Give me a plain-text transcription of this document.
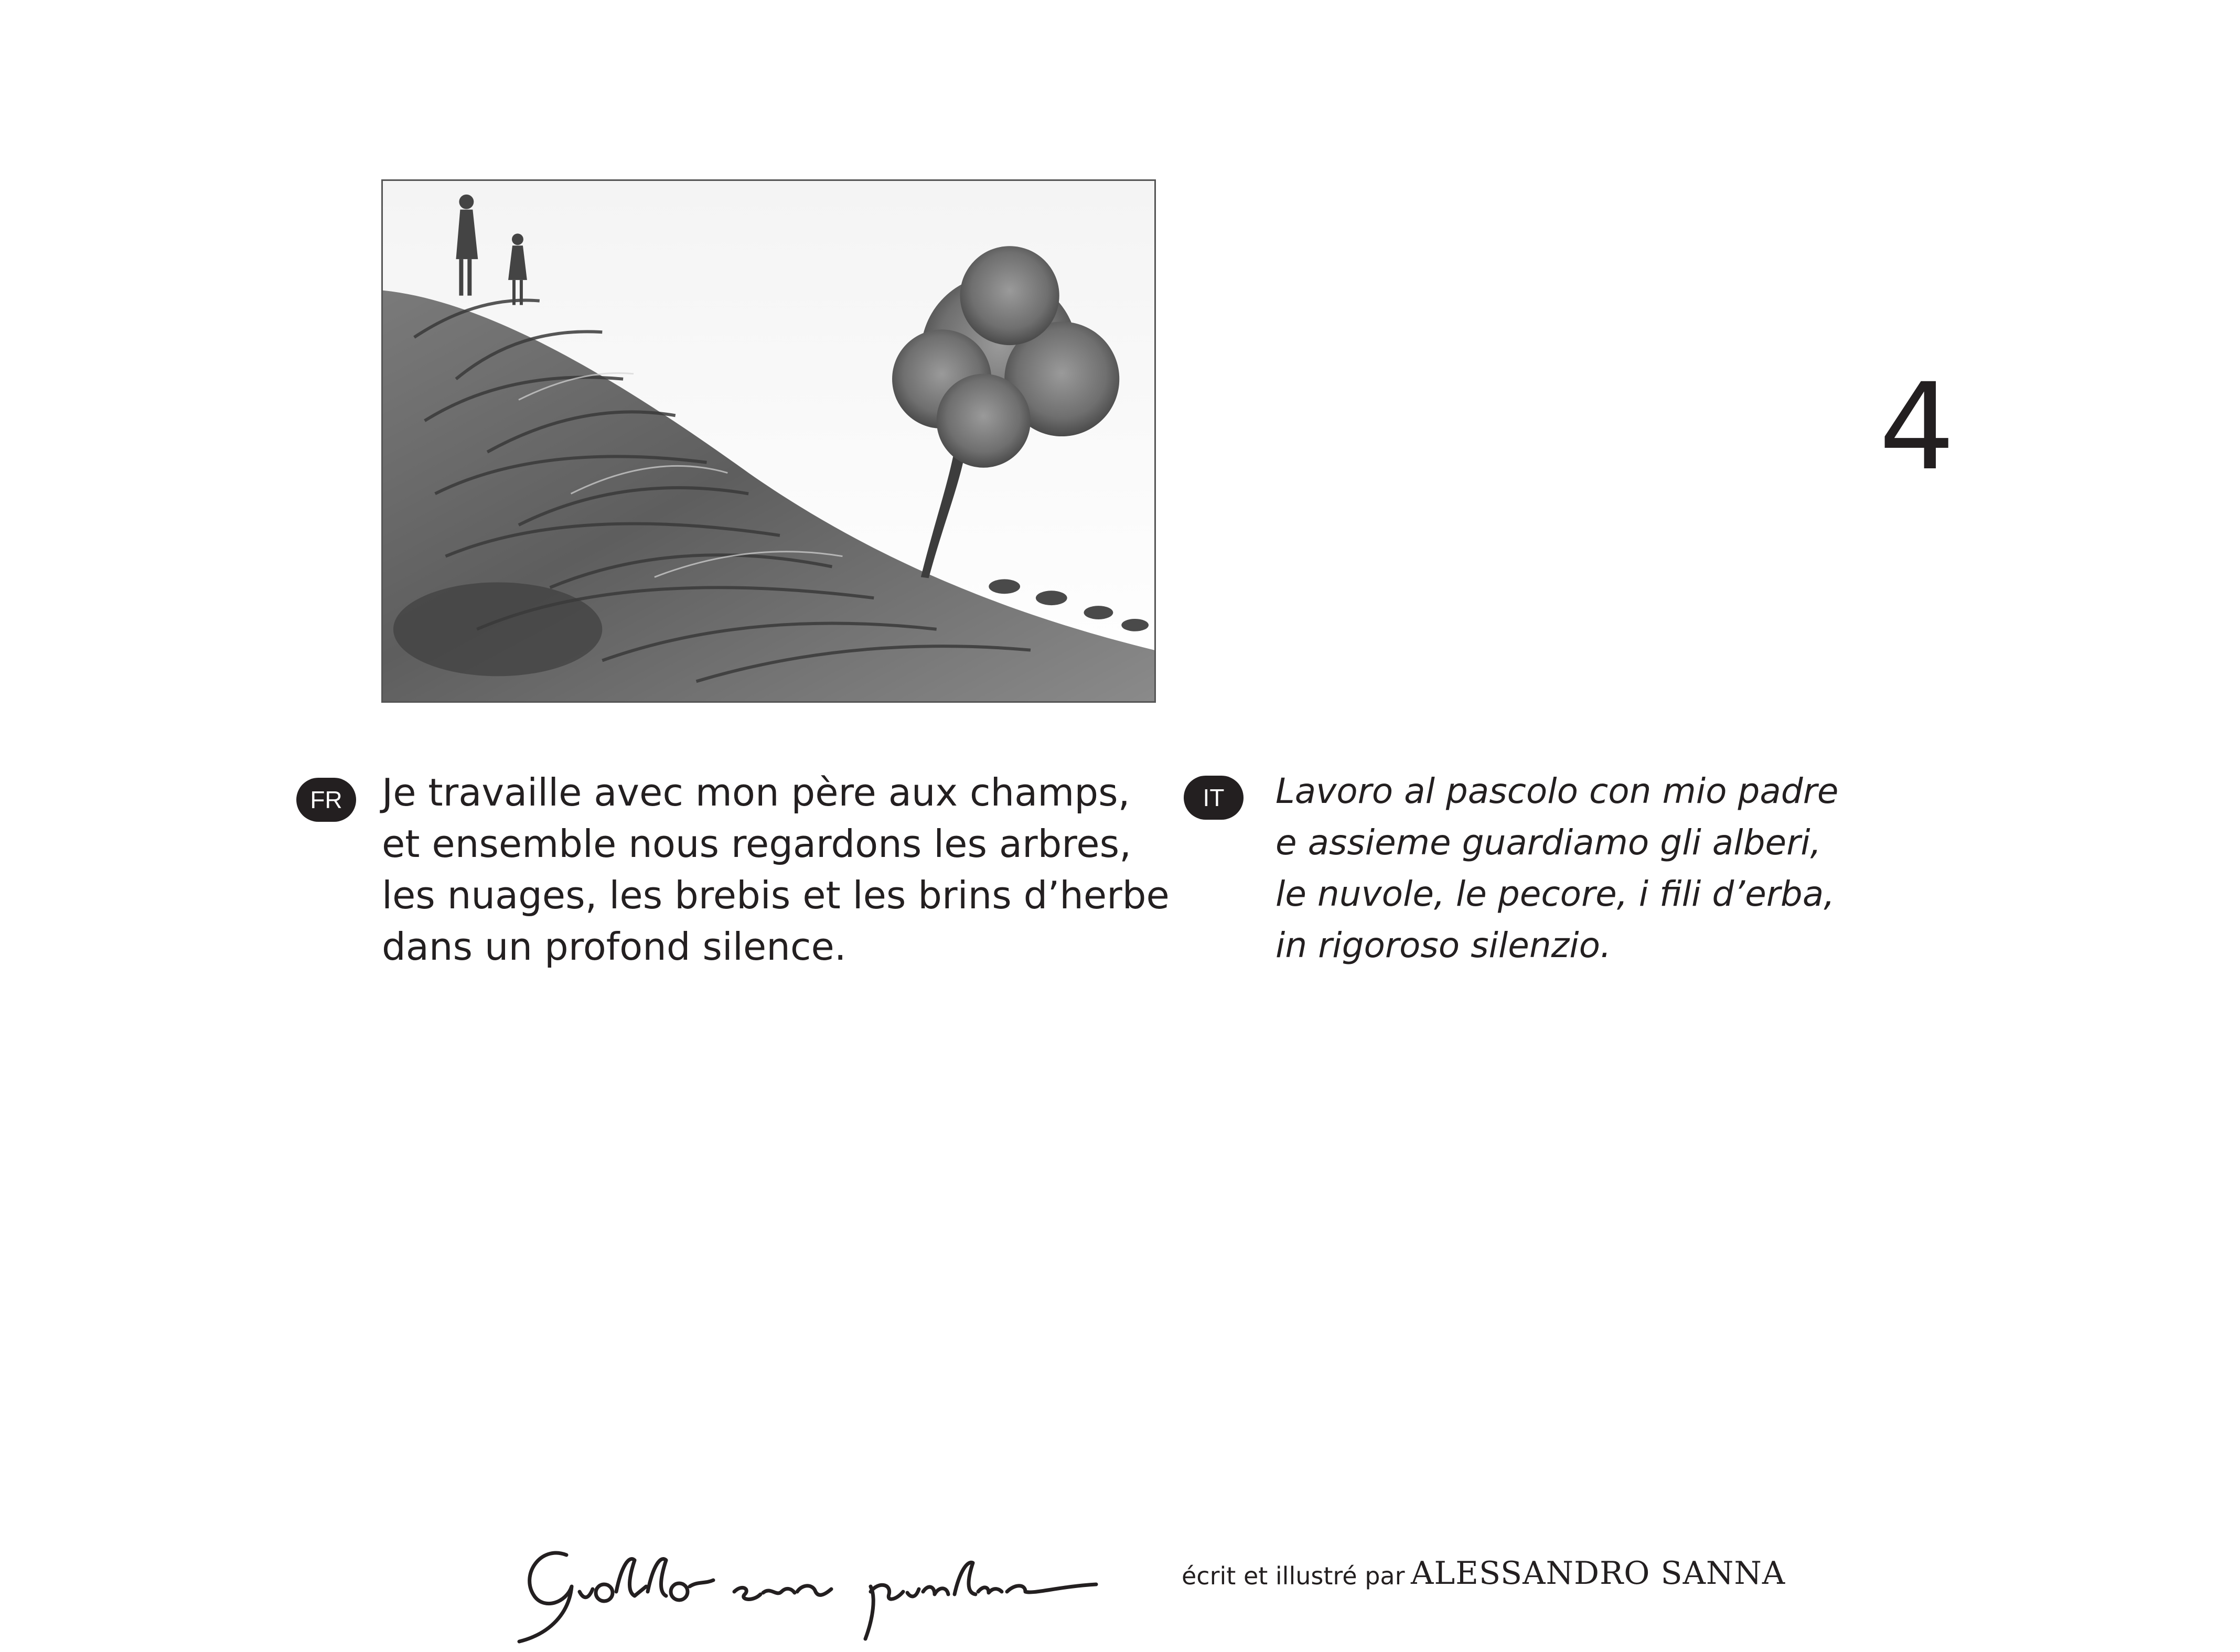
4
FR	Je travaille avec mon père aux champs,
et ensemble nous regardons les arbres,
les nuages, les brebis et les brins d’herbe
dans un profond silence.
IT	Lavoro al pascolo con mio padre
e assieme guardiamo gli alberi,
le nuvole, le pecore, i fili d’erba,
in rigoroso silenzio.
écrit et illustré par ALESSANDRO SANNA
